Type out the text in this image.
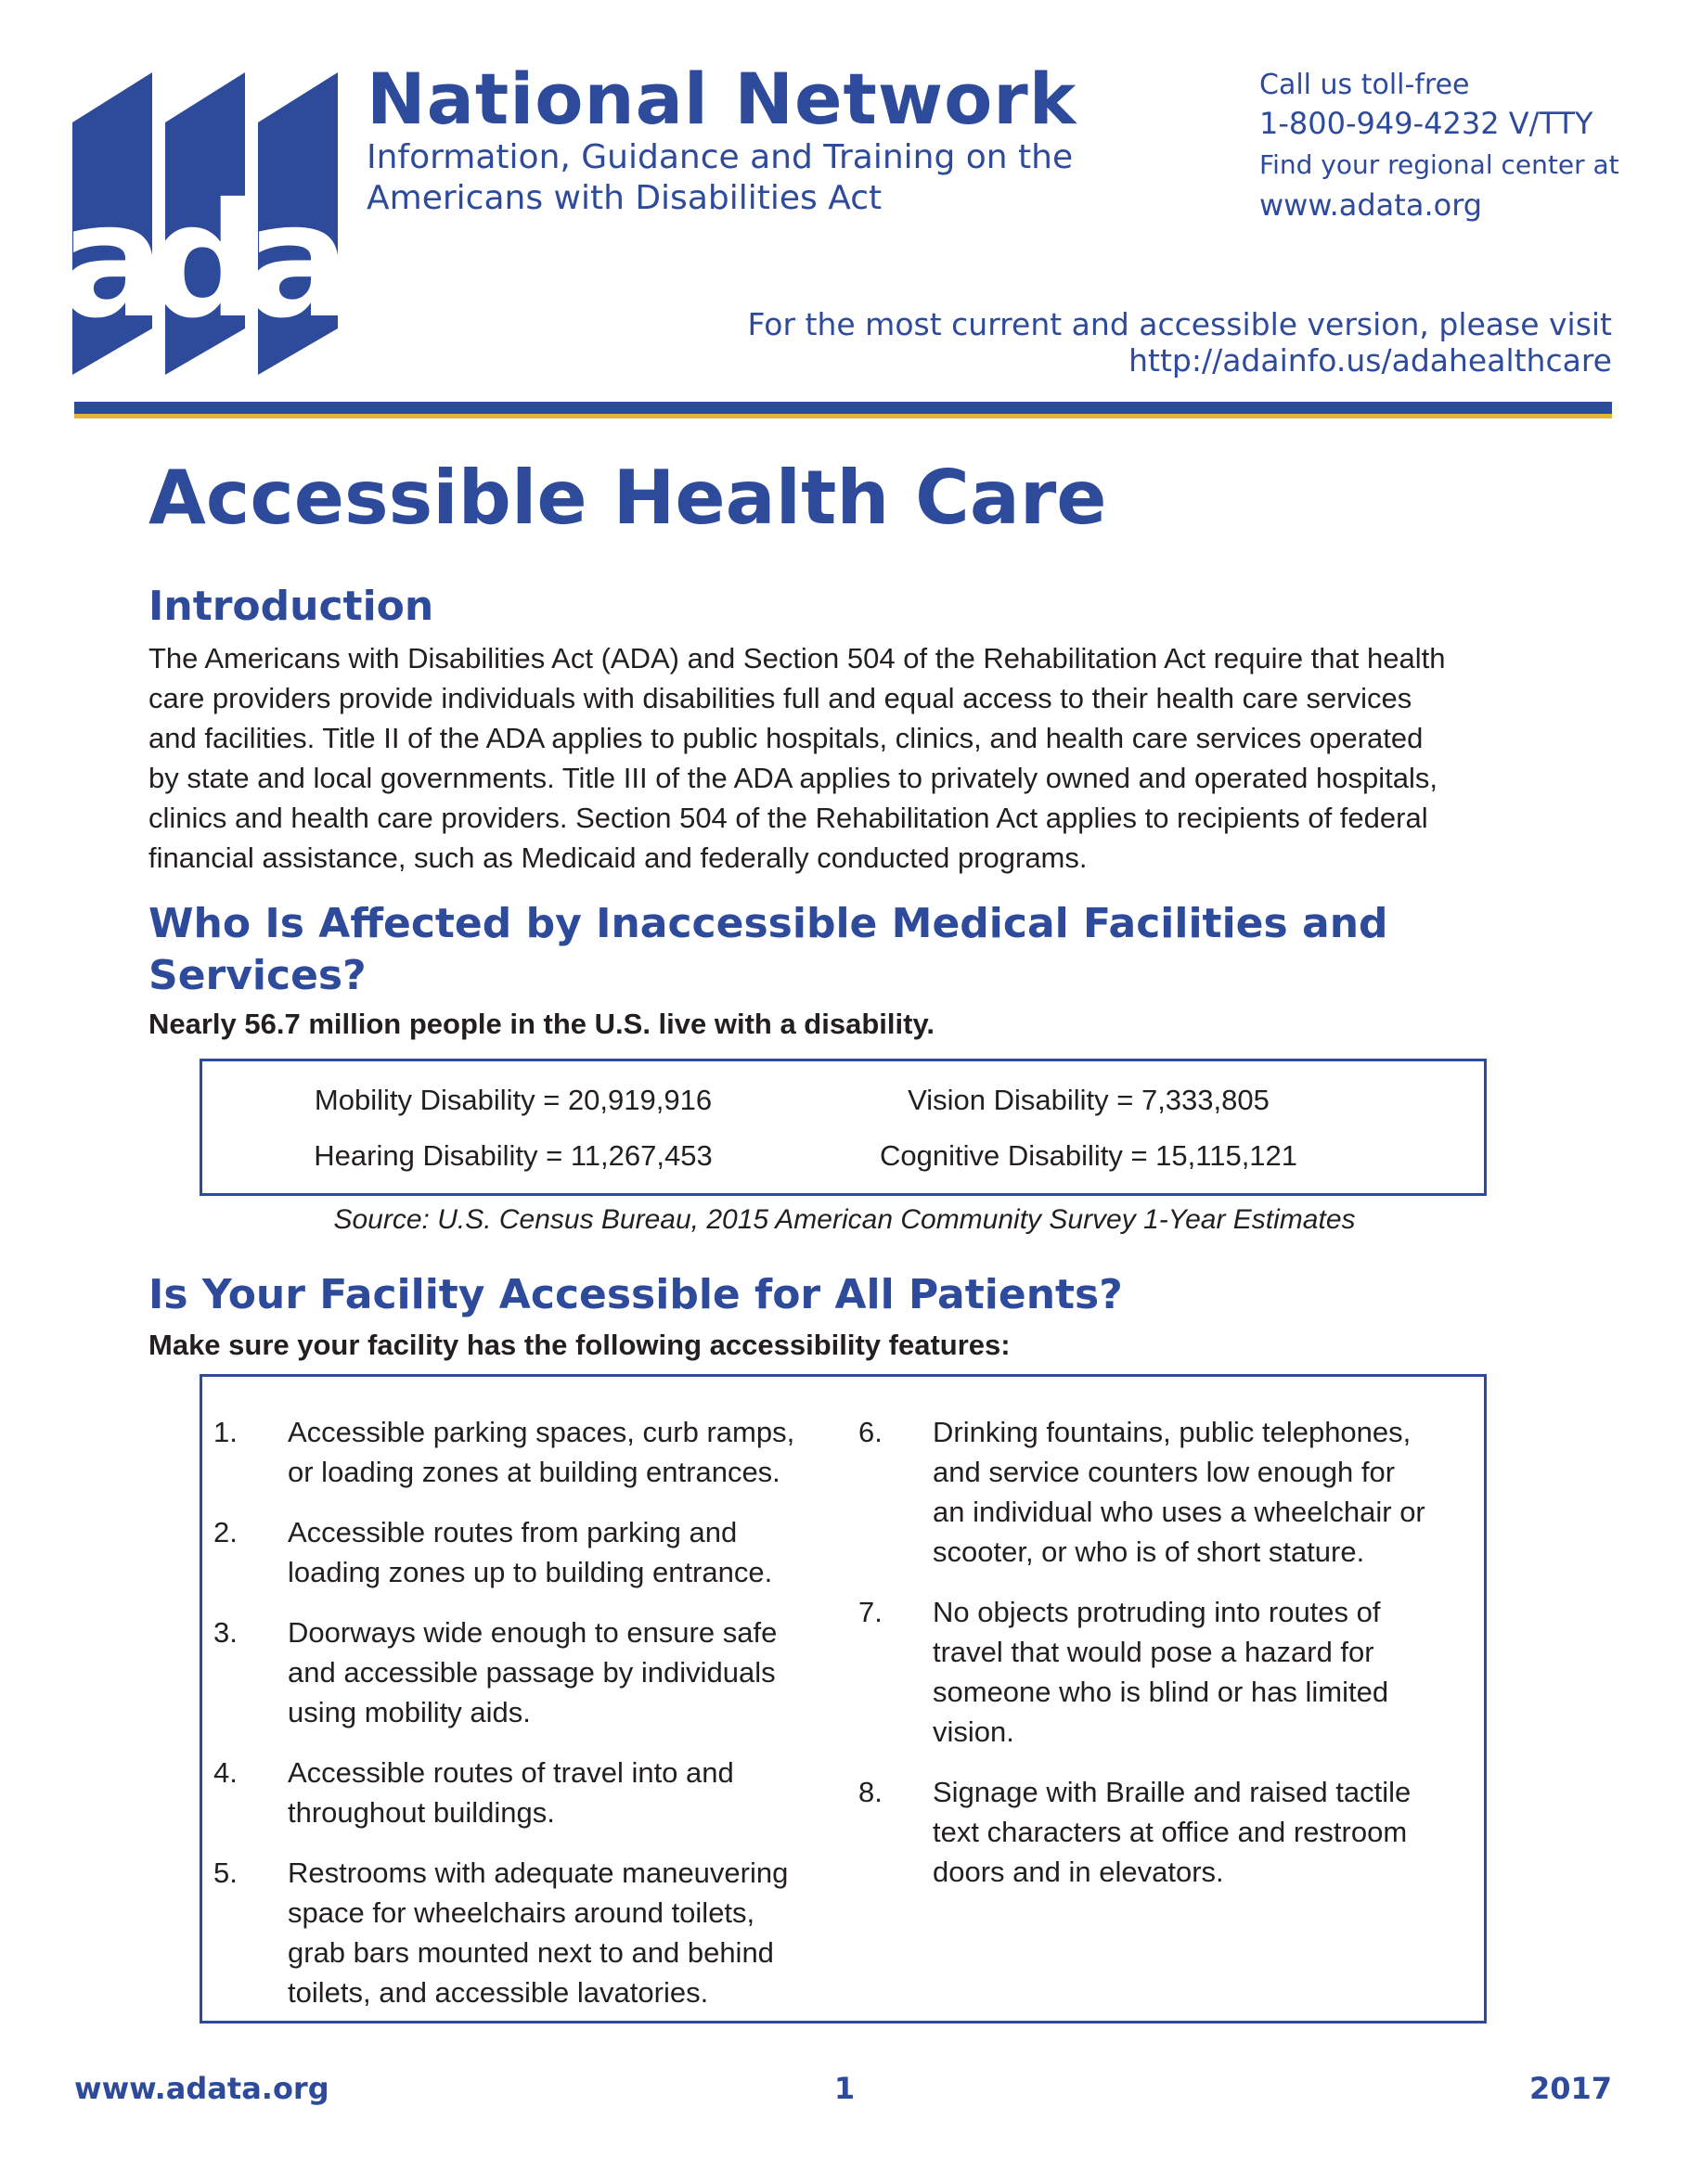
a
d
a
National Network
Information, Guidance and Training on the
Americans with Disabilities Act
Call us toll-free
1-800-949-4232 V/TTY
Find your regional center at
www.adata.org
For the most current and accessible version, please visit
http://adainfo.us/adahealthcare
Accessible Health Care
Introduction
The Americans with Disabilities Act (ADA) and Section 504 of the Rehabilitation Act require that health
care providers provide individuals with disabilities full and equal access to their health care services
and facilities. Title II of the ADA applies to public hospitals, clinics, and health care services operated
by state and local governments. Title III of the ADA applies to privately owned and operated hospitals,
clinics and health care providers. Section 504 of the Rehabilitation Act applies to recipients of federal
financial assistance, such as Medicaid and federally conducted programs.
Who Is Affected by Inaccessible Medical Facilities and
Services?

Nearly 56.7 million people in the U.S. live with a disability.

Mobility Disability = 20,919,916	Vision Disability = 7,333,805
Hearing Disability = 11,267,453	Cognitive Disability = 15,115,121
Source: U.S. Census Bureau, 2015 American Community Survey 1-Year Estimates
Is Your Facility Accessible for All Patients?

Make sure your facility has the following accessibility features:

1. Accessible parking spaces, curb ramps,
or loading zones at building entrances.
2. Accessible routes from parking and
loading zones up to building entrance.
3. Doorways wide enough to ensure safe
and accessible passage by individuals
using mobility aids.
4. Accessible routes of travel into and
throughout buildings.
5. Restrooms with adequate maneuvering
space for wheelchairs around toilets,
grab bars mounted next to and behind
toilets, and accessible lavatories.
6. Drinking fountains, public telephones,
and service counters low enough for
an individual who uses a wheelchair or
scooter, or who is of short stature.
7. No objects protruding into routes of
travel that would pose a hazard for
someone who is blind or has limited
vision.
8. Signage with Braille and raised tactile
text characters at office and restroom
doors and in elevators.
www.adata.org	1	2017
